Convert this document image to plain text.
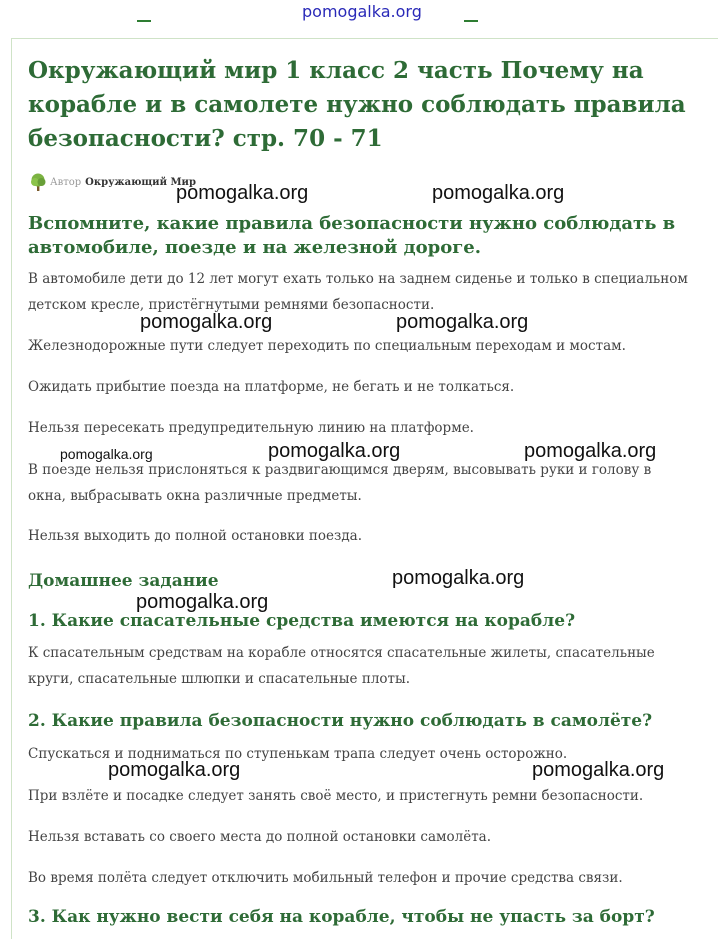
pomogalka.org
Окружающий мир 1 класс 2 часть Почему на корабле и в самолете нужно соблюдать правила безопасности? стр. 70 - 71
Автор Окружающий Мир
Вспомните, какие правила безопасности нужно соблюдать в автомобиле, поезде и на железной дороге.

В автомобиле дети до 12 лет могут ехать только на заднем сиденье и только в специальном детском кресле, пристёгнутыми ремнями безопасности.

Железнодорожные пути следует переходить по специальным переходам и мостам.

Ожидать прибытие поезда на платформе, не бегать и не толкаться.

Нельзя пересекать предупредительную линию на платформе.

В поезде нельзя прислоняться к раздвигающимся дверям, высовывать руки и голову в окна, выбрасывать окна различные предметы.

Нельзя выходить до полной остановки поезда.

Домашнее задание
1. Какие спасательные средства имеются на корабле?

К спасательным средствам на корабле относятся спасательные жилеты, спасательные круги, спасательные шлюпки и спасательные плоты.

2. Какие правила безопасности нужно соблюдать в самолёте?

Спускаться и подниматься по ступенькам трапа следует очень осторожно.

При взлёте и посадке следует занять своё место, и пристегнуть ремни безопасности.

Нельзя вставать со своего места до полной остановки самолёта.

Во время полёта следует отключить мобильный телефон и прочие средства связи.

3. Как нужно вести себя на корабле, чтобы не упасть за борт?
pomogalka.org	pomogalka.org
pomogalka.org	pomogalka.org
pomogalka.org	pomogalka.org	pomogalka.org
pomogalka.org
pomogalka.org
pomogalka.org	pomogalka.org
